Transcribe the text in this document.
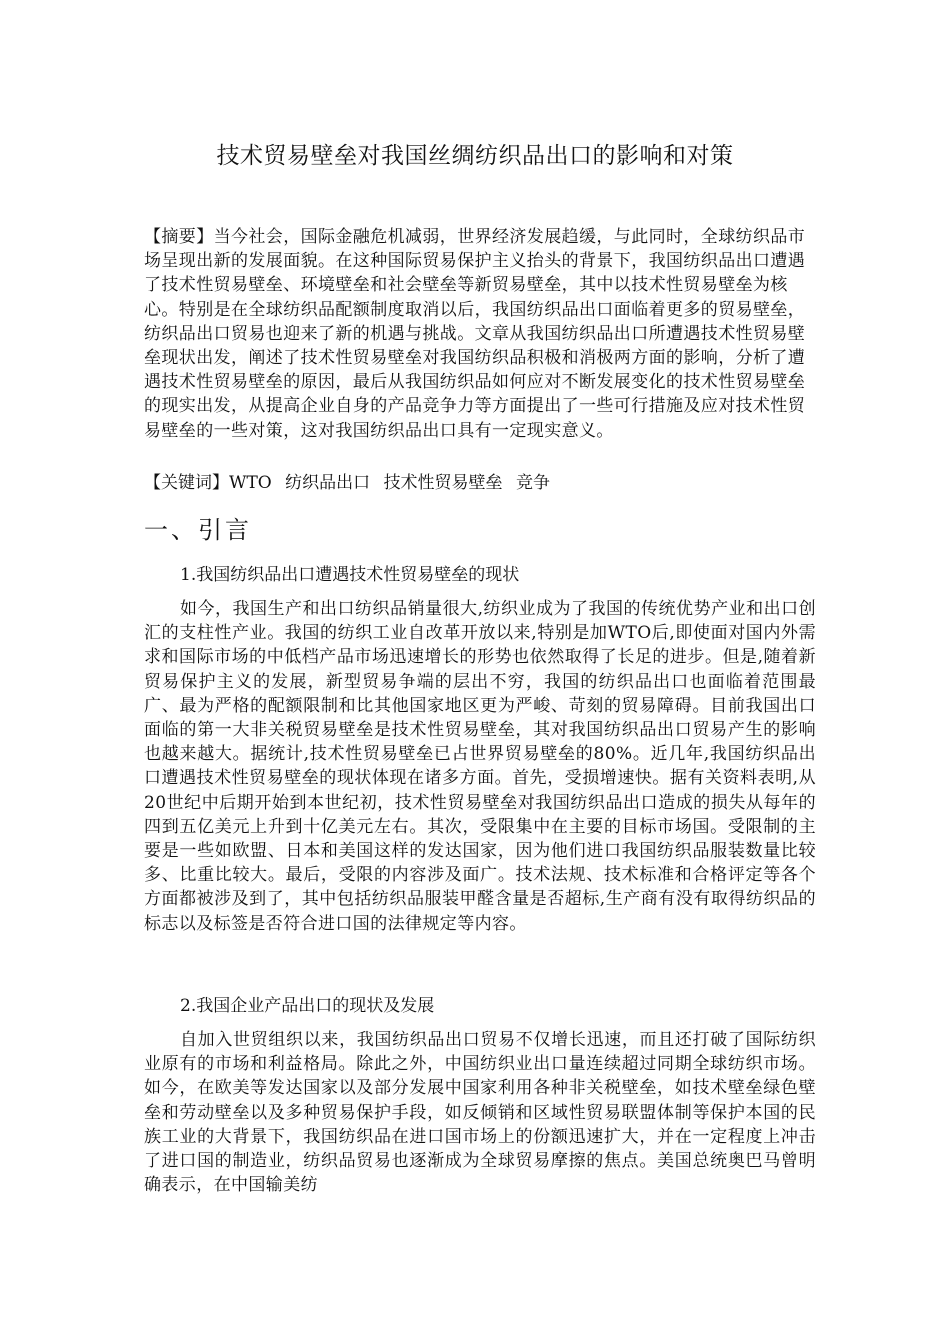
技术贸易壁垒对我国丝绸纺织品出口的影响和对策
【摘要】当今社会，国际金融危机减弱，世界经济发展趋缓，与此同时，全球纺织品市场呈现出新的发展面貌。在这种国际贸易保护主义抬头的背景下，我国纺织品出口遭遇了技术性贸易壁垒、环境壁垒和社会壁垒等新贸易壁垒，其中以技术性贸易壁垒为核心。特别是在全球纺织品配额制度取消以后，我国纺织品出口面临着更多的贸易壁垒，纺织品出口贸易也迎来了新的机遇与挑战。文章从我国纺织品出口所遭遇技术性贸易壁垒现状出发，阐述了技术性贸易壁垒对我国纺织品积极和消极两方面的影响，分析了遭遇技术性贸易壁垒的原因，最后从我国纺织品如何应对不断发展变化的技术性贸易壁垒的现实出发，从提高企业自身的产品竞争力等方面提出了一些可行措施及应对技术性贸易壁垒的一些对策，这对我国纺织品出口具有一定现实意义。
【关键词】WTO 纺织品出口 技术性贸易壁垒 竞争
一、引言
1.我国纺织品出口遭遇技术性贸易壁垒的现状
如今，我国生产和出口纺织品销量很大,纺织业成为了我国的传统优势产业和出口创汇的支柱性产业。我国的纺织工业自改革开放以来,特别是加WTO后,即使面对国内外需求和国际市场的中低档产品市场迅速增长的形势也依然取得了长足的进步。但是,随着新贸易保护主义的发展，新型贸易争端的层出不穷，我国的纺织品出口也面临着范围最广、最为严格的配额限制和比其他国家地区更为严峻、苛刻的贸易障碍。目前我国出口面临的第一大非关税贸易壁垒是技术性贸易壁垒，其对我国纺织品出口贸易产生的影响也越来越大。据统计,技术性贸易壁垒已占世界贸易壁垒的80%。近几年,我国纺织品出口遭遇技术性贸易壁垒的现状体现在诸多方面。首先，受损增速快。据有关资料表明,从20世纪中后期开始到本世纪初，技术性贸易壁垒对我国纺织品出口造成的损失从每年的四到五亿美元上升到十亿美元左右。其次，受限集中在主要的目标市场国。受限制的主要是一些如欧盟、日本和美国这样的发达国家，因为他们进口我国纺织品服装数量比较多、比重比较大。最后，受限的内容涉及面广。技术法规、技术标准和合格评定等各个方面都被涉及到了，其中包括纺织品服装甲醛含量是否超标,生产商有没有取得纺织品的标志以及标签是否符合进口国的法律规定等内容。
2.我国企业产品出口的现状及发展
自加入世贸组织以来，我国纺织品出口贸易不仅增长迅速，而且还打破了国际纺织业原有的市场和利益格局。除此之外，中国纺织业出口量连续超过同期全球纺织市场。如今，在欧美等发达国家以及部分发展中国家利用各种非关税壁垒，如技术壁垒绿色壁垒和劳动壁垒以及多种贸易保护手段，如反倾销和区域性贸易联盟体制等保护本国的民族工业的大背景下，我国纺织品在进口国市场上的份额迅速扩大，并在一定程度上冲击了进口国的制造业，纺织品贸易也逐渐成为全球贸易摩擦的焦点。美国总统奥巴马曾明确表示，在中国输美纺
